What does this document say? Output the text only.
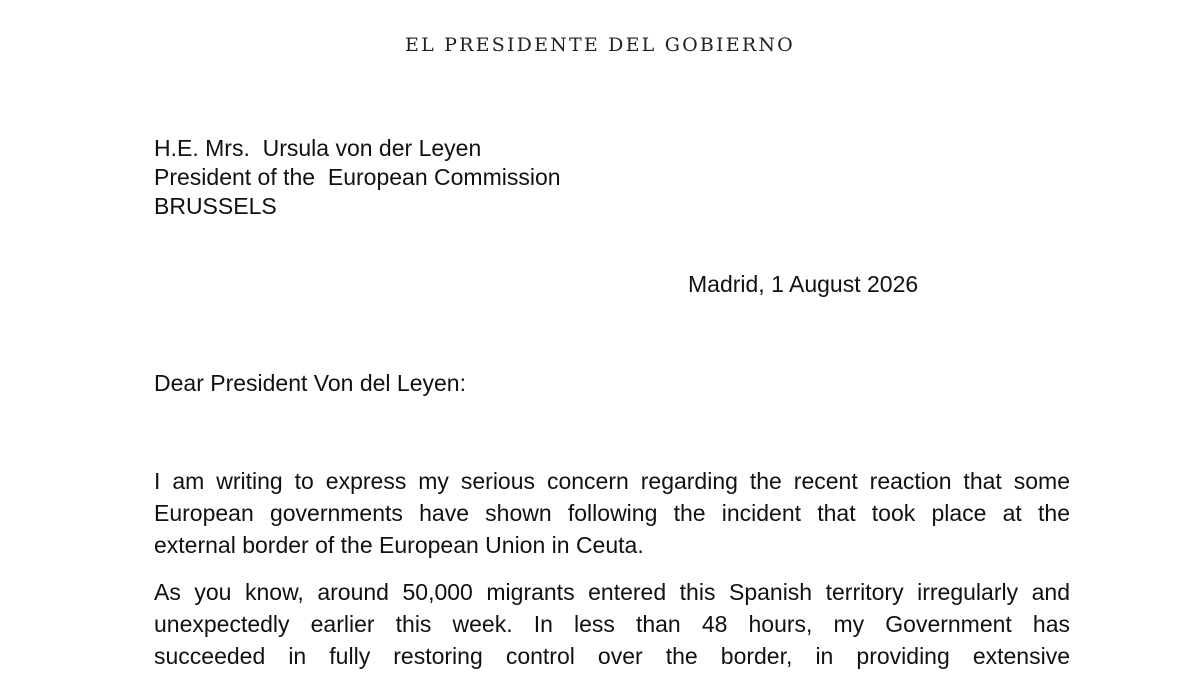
EL PRESIDENTE DEL GOBIERNO
H.E. Mrs.  Ursula von der Leyen
President of the  European Commission
BRUSSELS
Madrid, 1 August 2026
Dear President Von del Leyen:
I am writing to express my serious concern regarding the recent reaction that some
European governments have shown following the incident that took place at the
external border of the European Union in Ceuta.
As you know, around 50,000 migrants entered this Spanish territory irregularly and
unexpectedly earlier this week. In less than 48 hours, my Government has
succeeded in fully restoring control over the border, in providing extensive
